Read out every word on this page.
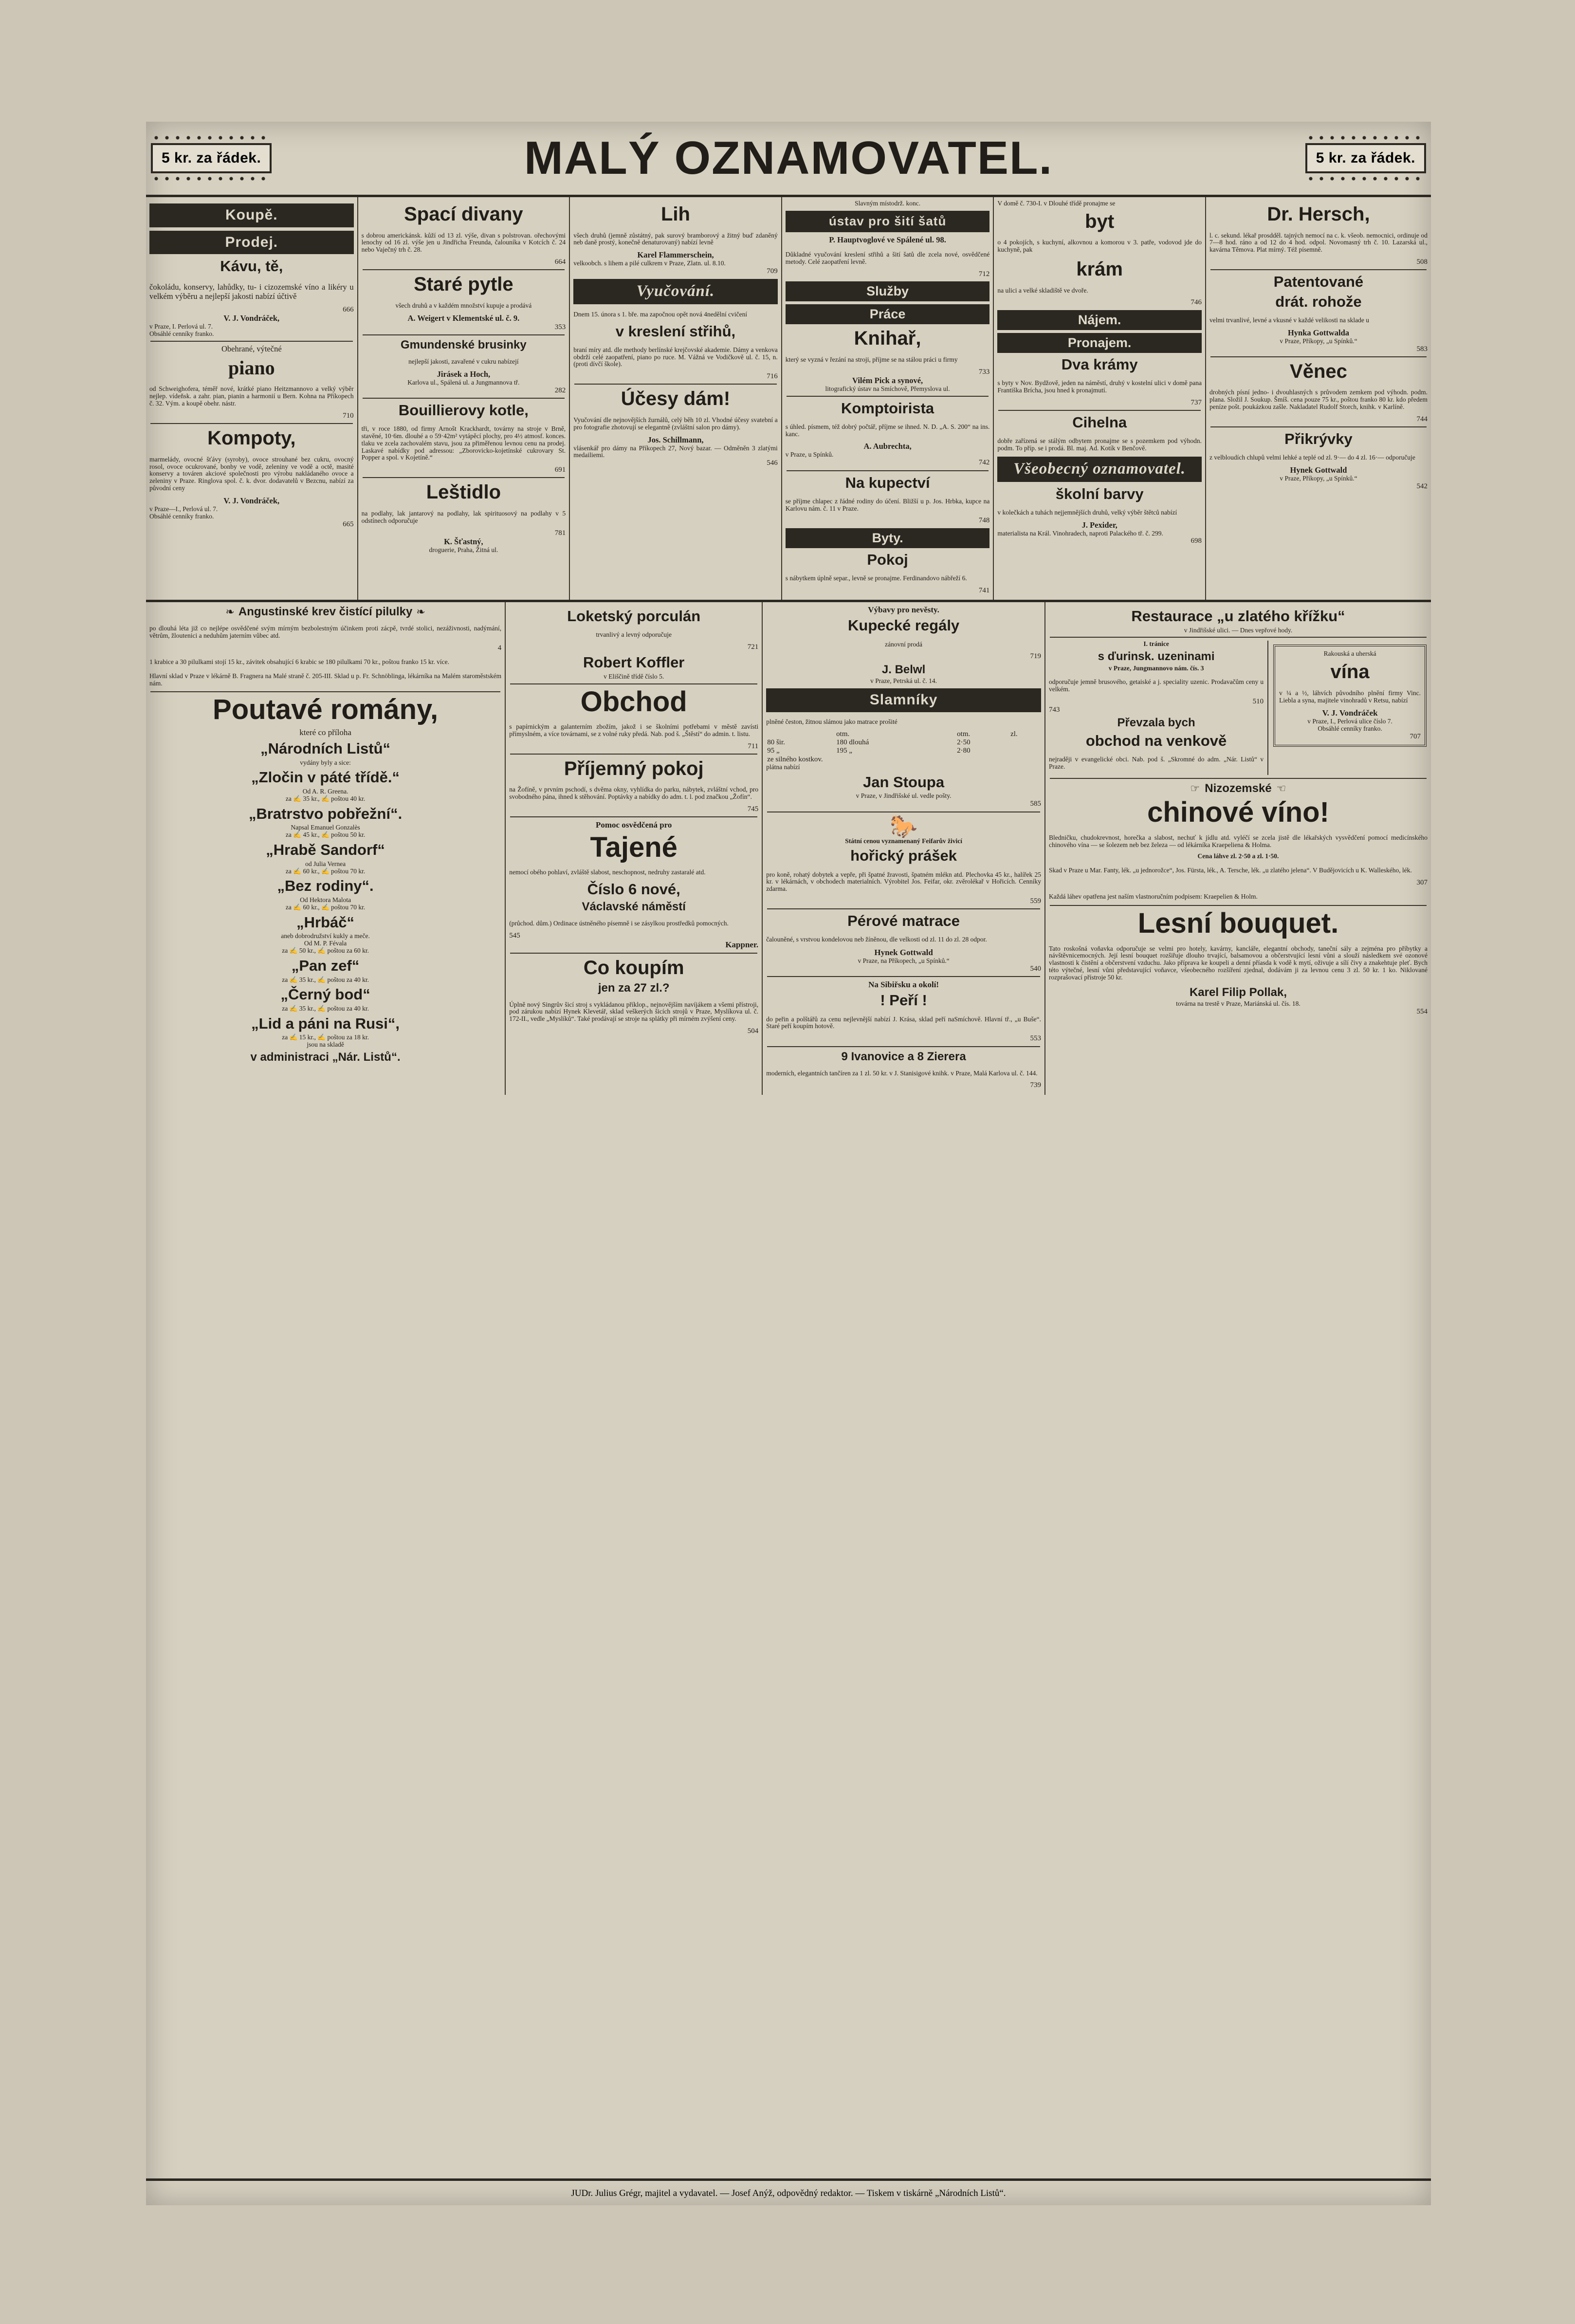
5 kr. za řádek.	MALÝ OZNAMOVATEL.	5 kr. za řádek.
Koupě.
Prodej.
Kávu, tě,

čokoládu, konservy, lahůdky, tu- i cizozemské víno a likéry u velkém výběru a nejlepší jakosti nabízí účtivě

666
V. J. Vondráček,
v Praze, I. Perlová ul. 7.
Obsáhlé cenníky franko.
Obehrané, výtečné
piano

od Schweighofera, téměř nové, krátké piano Heitzmannovo a velký výběr nejlep. vídeňsk. a zahr. pian, pianin a harmonií u Bern. Kohna na Příkopech č. 32. Vým. a koupě obehr. nástr.

710
Kompoty,

marmelády, ovocné šťávy (syroby), ovoce strouhané bez cukru, ovocný rosol, ovoce ocukrované, bonby ve vodě, zeleniny ve vodě a octě, masité konservy a továren akciové společnosti pro výrobu nakládaného ovoce a zeleniny v Praze. Ringlova spol. č. k. dvor. dodavatelů v Bezcnu, nabízí za původní ceny

V. J. Vondráček,
v Praze—I., Perlová ul. 7.
Obsáhlé cenníky franko.
665
Spací divany

s dobrou americkánsk. kůží od 13 zl. výše, divan s polstrovan. ořechovými lenochy od 16 zl. výše jen u Jindřicha Freunda, čalouníka v Kotcích č. 24 nebo Vaječný trh č. 28.

664
Staré pytle

všech druhů a v každém množství kupuje a prodává

A. Weigert v Klementské ul. č. 9.
353
Gmundenské brusinky

nejlepší jakosti, zavařené v cukru nabízejí

Jirásek a Hoch,
Karlova ul., Spálená ul. a Jungmannova tř.
282
Bouillierovy kotle,

tři, v roce 1880, od firmy Arnošt Krackhardt, továrny na stroje v Brně, stavěné, 10·6m. dlouhé a o 59·42m² vytápěcí plochy, pro 4½ atmosf. konces. tlaku ve zcela zachovalém stavu, jsou za přiměřenou levnou cenu na prodej. Laskavé nabídky pod adressou: „Zborovicko-kojetínské cukrovary St. Popper a spol. v Kojetíně.“

691
Leštidlo

na podlahy, lak jantarový na podlahy, lak spirituosový na podlahy v 5 odstínech odporučuje

781
K. Šťastný,
droguerie, Praha, Žitná ul.
Lih

všech druhů (jemně zůstátný, pak surový bramborový a žitný buď zdaněný neb daně prostý, konečně denaturovaný) nabízí levně

Karel Flammerschein,
velkoobch. s lihem a pilé culkrem v Praze, Zlatn. ul. 8.10.
709
Vyučování.

Dnem 15. února s 1. bře. ma započnou opět nová 4nedělní cvičení

v kreslení střihů,

braní míry atd. dle methody berlínské krejčovské akademie. Dámy a venkova obdrží celé zaopatření, piano po ruce. M. Vážná ve Vodičkově ul. č. 15, n. (proti dívčí škole).

716
Účesy dám!

Vyučování dle nejnovějších žurnálů, celý běh 10 zl. Vhodné účesy svatební a pro fotografie zhotovují se elegantně (zvláštní salon pro dámy).

Jos. Schillmann,
vlásenkář pro dámy na Příkopech 27, Nový bazar. — Odměněn 3 zlatými medailiemi.
546
Slavným místodrž. konc.
ústav pro šití šatů
P. Hauptvoglové ve Spálené ul. 98.

Důkladné vyučování kreslení střihů a šití šatů dle zcela nové, osvědčené metody. Celé zaopatření levně.

712
Služby
Práce
Knihař,

který se vyzná v řezání na stroji, příjme se na stálou práci u firmy

733
Vilém Pick a synové,
litografický ústav na Smíchově, Přemyslova ul.
Komptoirista

s úhled. písmem, též dobrý počtář, příjme se ihned. N. D. „A. S. 200“ na ins. kanc.

A. Aubrechta,
v Praze, u Spínků.
742
Na kupectví

se příjme chlapec z řádné rodiny do účení. Bližší u p. Jos. Hrbka, kupce na Karlovu nám. č. 11 v Praze.

748
Byty.
Pokoj

s nábytkem úplně separ., levně se pronajme. Ferdinandovo nábřeží 6.

741
V domě č. 730-I. v Dlouhé třídě pronajme se
byt

o 4 pokojích, s kuchyní, alkovnou a komorou v 3. patře, vodovod jde do kuchyně, pak

krám

na ulici a velké skladiště ve dvoře.

746
Nájem.
Pronajem.
Dva krámy

s byty v Nov. Bydžově, jeden na náměstí, druhý v kostelní ulici v domě pana Františka Brícha, jsou hned k pronajmutí.

737
Cihelna

dobře zařízená se stálým odbytem pronajme se s pozemkem pod výhodn. podm. To příp. se i prodá. Bl. maj. Ad. Kotík v Benčově.

Všeobecný oznamovatel.
školní barvy

v kolečkách a tuhách nejjemnějších druhů, velký výběr štětců nabízí

J. Pexider,
materialista na Král. Vinohradech, naproti Palackého tř. č. 299.
698
Dr. Hersch,

l. c. sekund. lékař prosdděl. tajných nemocí na c. k. všeob. nemocnici, ordinuje od 7—8 hod. ráno a od 12 do 4 hod. odpol. Novomasný trh č. 10. Lazarská ul., kavárna Těmova. Plat mírný. Též písemně.

508
Patentované
drát. rohože

velmi trvanlivé, levné a vkusné v každé velikosti na sklade u

Hynka Gottwalda
v Praze, Příkopy, „u Spínků.“
583
Věnec

drobných písní jedno- i dvouhlasných s průvodem zemkem pod výhodn. podm. plana. Složil J. Soukup. Šmíš. cena pouze 75 kr., poštou franko 80 kr. kdo předem peníze pošt. poukázkou zašle. Nakladatel Rudolf Storch, knihk. v Karlíně.

744
Přikrývky

z velbloudích chlupů velmi lehké a teplé od zl. 9·— do 4 zl. 16·— odporučuje

Hynek Gottwald
v Praze, Příkopy, „u Spínků.“
542
❧ Angustinské krev čistící pilulky ❧

po dlouhá léta již co nejlépe osvědčené svým mírným bezbolestným účinkem proti zácpě, tvrdé stolici, nezáživnosti, nadýmání, větrům, žloutenici a neduhům jaterním vůbec atd.

4

1 krabice a 30 pilulkami stojí 15 kr., závitek obsahující 6 krabic se 180 pilulkami 70 kr., poštou franko 15 kr. více.

Hlavní sklad v Praze v lékárně B. Fragnera na Malé straně č. 205-III. Sklad u p. Fr. Schnöblinga, lékárníka na Malém staroměstském nám.

Poutavé romány,
které co příloha
„Národních Listů“
vydány byly a sice:
„Zločin v páté třídě.“
Od A. R. Greena.
za ✍ 35 kr., ✍ poštou 40 kr.
„Bratrstvo pobřežní“.
Napsal Emanuel Gonzalès
za ✍ 45 kr., ✍ poštou 50 kr.
„Hrabě Sandorf“
od Julia Vernea
za ✍ 60 kr., ✍ poštou 70 kr.
„Bez rodiny“.
Od Hektora Malota
za ✍ 60 kr., ✍ poštou 70 kr.
„Hrbáč“
aneb dobrodružství kukly a meče.
Od M. P. Févala
za ✍ 50 kr., ✍ poštou za 60 kr.
„Pan zef“
za ✍ 35 kr., ✍ poštou za 40 kr.
„Černý bod“
za ✍ 35 kr., ✍ poštou za 40 kr.
„Lid a páni na Rusi“,
za ✍ 15 kr., ✍ poštou za 18 kr.
jsou na skladě
v administraci „Nár. Listů“.
Loketský porculán

trvanlivý a levný odporučuje

721
Robert Koffler
v Eliščině třídě číslo 5.
Obchod

s papírnickým a galanterním zbožím, jakož i se školními potřebami v městě zavísti přímyslném, a více továrnami, se z volné ruky předá. Nab. pod š. „Štěstí“ do admin. t. listu.

711
Příjemný pokoj

na Žofíně, v prvním pschodí, s dvěma okny, vyhlídka do parku, nábytek, zvláštní vchod, pro svobodného pána, ihned k stěhování. Poptávky a nabídky do adm. t. l. pod značkou „Žofín“.

745
Pomoc osvědčená pro
Tajené

nemocí obého pohlaví, zvláště slabost, neschopnost, nedruhy zastaralé atd.

Číslo 6 nové,
Václavské náměstí

(průchod. dům.) Ordinace ústněného písemně i se zásylkou prostředků pomocných.

545
Kappner.
Co koupím
jen za 27 zl.?

Úplně nový Singrův šicí stroj s vykládanou příklop., nejnovějším navíjákem a všemi přístroji, pod zárukou nabízí Hynek Klevetář, sklad veškerých šicích strojů v Praze, Myslíkova ul. č. 172-II., vedle „Myslíků“. Také prodávají se stroje na splátky při mírném zvýšení ceny.

504
Výbavy pro nevěsty.
Kupecké regály

zánovní prodá

719
J. Belwl
v Praze, Petrská ul. č. 14.
Slamníky

plněné česton, žitnou slámou jako matrace prošité

	otm.	otm.	zl.
80 šir.	180 dlouhá	2·50	
95 „	195 „	2·80	
ze silného kostkov.			
plátna nabízí
Jan Stoupa
v Praze, v Jindřišské ul. vedle pošty.
585
🐎
Státní cenou vyznamenaný Feifarův živicí
hořický prášek

pro koně, rohatý dobytek a vepře, při špatné žravosti, špatném mlékn atd. Plechovka 45 kr., halířek 25 kr. v lékárnách, v obchodech materialních. Výrobitel Jos. Feifar, okr. zvěrolékař v Hořicích. Cenníky zdarma.

559
Pérové matrace

čalouněné, s vrstvou kondelovou neb žíněnou, dle velkosti od zl. 11 do zl. 28 odpor.

Hynek Gottwald
v Praze, na Příkopech, „u Spínků.“
540
Na Sibiřsku a okolí!
! Peří !

do peřin a polštářů za cenu nejlevnější nabízí J. Krása, sklad peří naSmíchově. Hlavní tř., „u Buše“. Staré peří koupím hotově.

553
9 Ivanovice a 8 Zierera

moderních, elegantních tančíren za 1 zl. 50 kr. v J. Stanisigové knihk. v Praze, Malá Karlova ul. č. 144.

739
Restaurace „u zlatého křížku“
v Jindřišské ulici. — Dnes vepřové hody.
I. tránice
s ďurinsk. uzeninami
v Praze, Jungmannovo nám. čís. 3

odporučuje jemně brusového, getaiské a j. speciality uzenic. Prodavačům ceny u velkém.

510
743
Převzala bych
obchod na venkově

nejraději v evangelické obci. Nab. pod š. „Skromné do adm. „Nár. Listů“ v Praze.

Rakouská a uherská
vína

v ¼ a ½, láhvích původního plnění firmy Vinc. Liebla a syna, majitele vinohradů v Retsu, nabízí

V. J. Vondráček
v Praze, I., Perlová ulice číslo 7.
Obsáhlé cenníky franko.
707
☞ Nizozemské ☜
chinové víno!

Bledničku, chudokrevnost, horečka a slabost, nechuť k jídlu atd. vyléčí se zcela jistě dle lékařských vysvědčení pomocí medicínského chinového vína — se šolezem neb bez železa — od lékárníka Kraepeliena & Holma.

Cena láhve zl. 2·50 a zl. 1·50.

Skad v Praze u Mar. Fanty, lék. „u jednorožce“, Jos. Fürsta, lék., A. Tersche, lék. „u zlatého jelena“. V Budějovicích u K. Walleského, lék.

307

Každá láhev opatřena jest naším vlastnoručním podpisem: Kraepelien & Holm.

Lesní bouquet.

Tato roskošná voňavka odporučuje se velmi pro hotely, kavárny, kancláře, elegantní obchody, taneční sály a zejména pro příbytky a návštěvnicemocných. Její lesní bouquet rozšiřuje dlouho trvající, balsamovou a občerstvující lesní vůni a slouží následkem své ozonové vlastnosti k čistění a občerstvení vzduchu. Jako příprava ke koupeli a denní příasda k vodě k mytí, oživuje a sílí čivy a znakehtuje pleť. Bych této výtečné, lesní vůni představující voňavce, všeobecného rozšíření zjednal, dodávám ji za levnou cenu 3 zl. 50 kr. 1 ko. Niklované rozprašovací přístroje 50 kr.

Karel Filip Pollak,
továrna na trestě v Praze, Mariánská ul. čís. 18.
554
JUDr. Julius Grégr, majitel a vydavatel. — Josef Anýž, odpovědný redaktor. — Tiskem v tiskárně „Národních Listů“.
